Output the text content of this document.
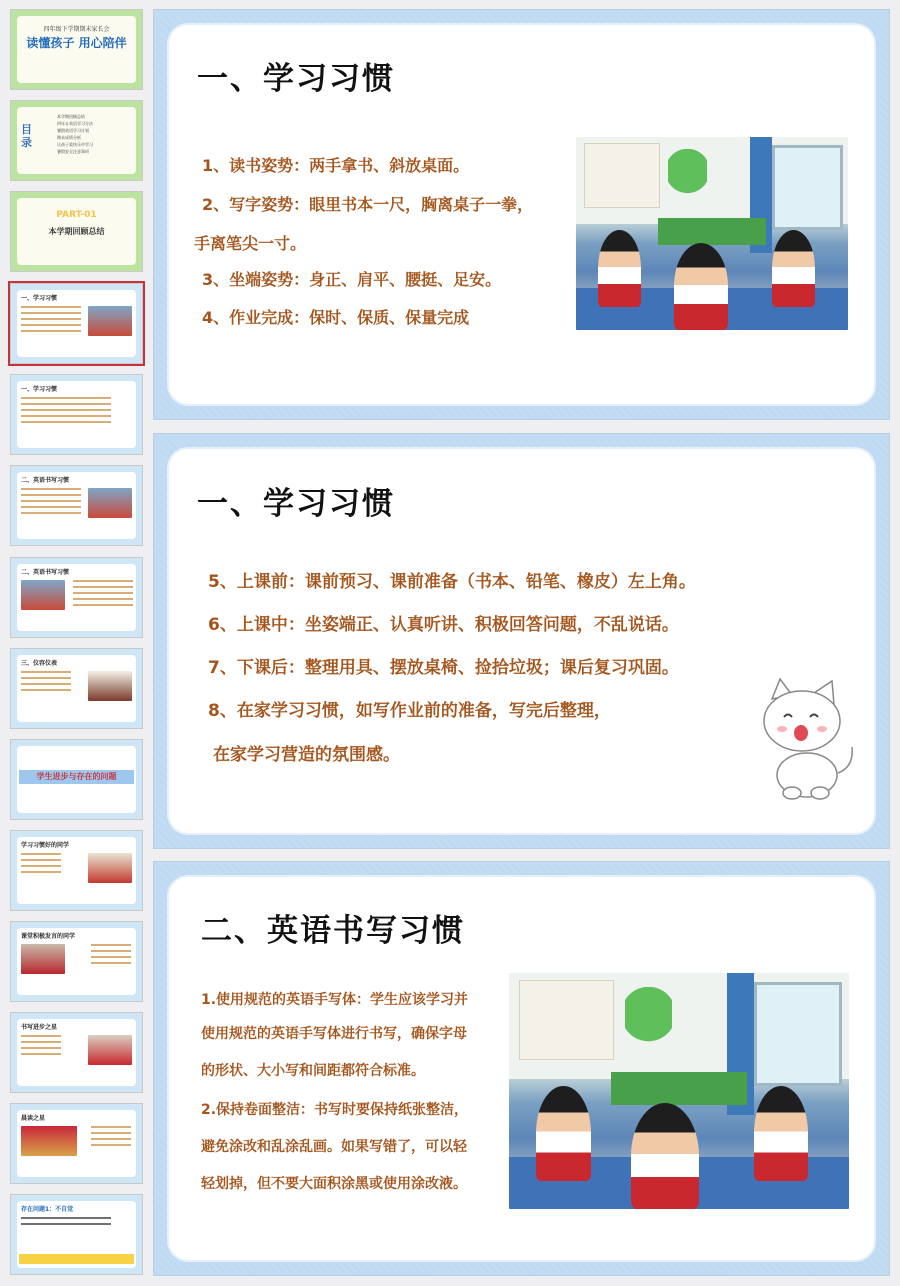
四年级下学期期末家长会
读懂孩子 用心陪伴
目录
本学期回顾总结
四年五英语学习方法
暑假英语学习计划
期末成绩分析
让孩子爱快乐中学习
暑假安全注意事项
PART-01
本学期回顾总结
一、学习习惯
一、学习习惯
二、英语书写习惯
二、英语书写习惯
三、仪容仪表
学生进步与存在的问题
学习习惯好的同学
课堂积极发言的同学
书写进步之星
晨读之星
存在问题1：不自觉
一、学习习惯
1、读书姿势：两手拿书、斜放桌面。
2、写字姿势：眼里书本一尺，胸离桌子一拳，
手离笔尖一寸。
3、坐端姿势：身正、肩平、腰挺、足安。
4、作业完成：保时、保质、保量完成
一、学习习惯
5、上课前：课前预习、课前准备（书本、铅笔、橡皮）左上角。
6、上课中：坐姿端正、认真听讲、积极回答问题，不乱说话。
7、下课后：整理用具、摆放桌椅、捡拾垃圾；课后复习巩固。
8、在家学习习惯，如写作业前的准备，写完后整理，
在家学习营造的氛围感。
二、英语书写习惯
1.使用规范的英语手写体：学生应该学习并
使用规范的英语手写体进行书写，确保字母
的形状、大小写和间距都符合标准。
2.保持卷面整洁：书写时要保持纸张整洁，
避免涂改和乱涂乱画。如果写错了，可以轻
轻划掉，但不要大面积涂黑或使用涂改液。
